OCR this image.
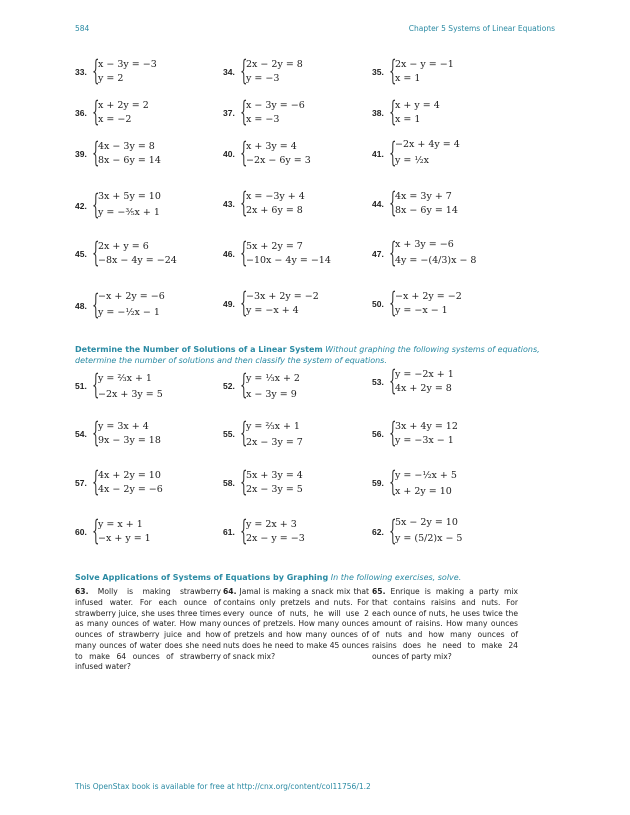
584	Chapter 5 Systems of Linear Equations
33. {
x − 3y = −3
y = 2
34. {
2x − 2y = 8
y = −3
35. {
2x − y = −1
x = 1
36. {
x + 2y = 2
x = −2
37. {
x − 3y = −6
x = −3
38. {
x + y = 4
x = 1
39. {
4x − 3y = 8
8x − 6y = 14
40. {
x + 3y = 4
−2x − 6y = 3
41. {
−2x + 4y = 4
y = ½x
42. {
3x + 5y = 10
y = −⅗x + 1
43. {
x = −3y + 4
2x + 6y = 8
44. {
4x = 3y + 7
8x − 6y = 14
45. {
2x + y = 6
−8x − 4y = −24
46. {
5x + 2y = 7
−10x − 4y = −14
47. {
x + 3y = −6
4y = −(4/3)x − 8
48. {
−x + 2y = −6
y = −½x − 1
49. {
−3x + 2y = −2
y = −x + 4
50. {
−x + 2y = −2
y = −x − 1
Determine the Number of Solutions of a Linear System Without graphing the following systems of equations, determine the number of solutions and then classify the system of equations.
51. {
y = ⅔x + 1
−2x + 3y = 5
52. {
y = ⅓x + 2
x − 3y = 9
53. {
y = −2x + 1
4x + 2y = 8
54. {
y = 3x + 4
9x − 3y = 18
55. {
y = ⅔x + 1
2x − 3y = 7
56. {
3x + 4y = 12
y = −3x − 1
57. {
4x + 2y = 10
4x − 2y = −6
58. {
5x + 3y = 4
2x − 3y = 5
59. {
y = −½x + 5
x + 2y = 10
60. {
y = x + 1
−x + y = 1
61. {
y = 2x + 3
2x − y = −3
62. {
5x − 2y = 10
y = (5/2)x − 5
Solve Applications of Systems of Equations by Graphing In the following exercises, solve.
63. Molly is making strawberry infused water. For each ounce of strawberry juice, she uses three times as many ounces of water. How many ounces of strawberry juice and how many ounces of water does she need to make 64 ounces of strawberry infused water?
64. Jamal is making a snack mix that contains only pretzels and nuts. For every ounce of nuts, he will use 2 ounces of pretzels. How many ounces of pretzels and how many ounces of nuts does he need to make 45 ounces of snack mix?
65. Enrique is making a party mix that contains raisins and nuts. For each ounce of nuts, he uses twice the amount of raisins. How many ounces of nuts and how many ounces of raisins does he need to make 24 ounces of party mix?
This OpenStax book is available for free at http://cnx.org/content/col11756/1.2
